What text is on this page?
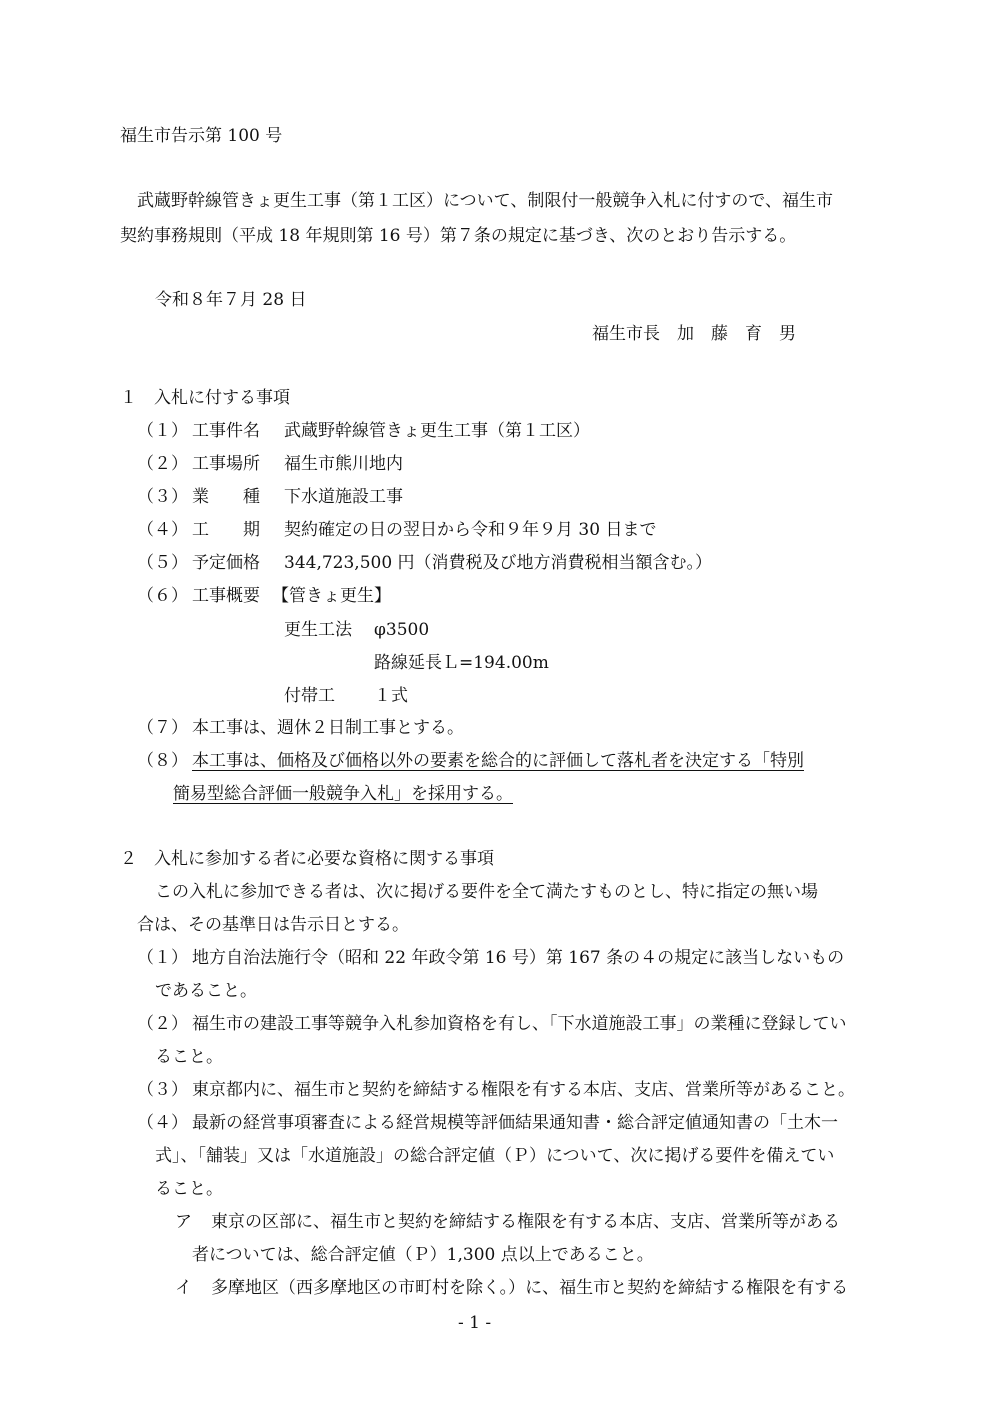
福生市告示第 100 号
武蔵野幹線管きょ更生工事（第１工区）について、制限付一般競争入札に付すので、福生市
契約事務規則（平成 18 年規則第 16 号）第７条の規定に基づき、次のとおり告示する。
令和８年７月 28 日
福生市長　加　藤　育　男
１　入札に付する事項
（１） 工事件名 武蔵野幹線管きょ更生工事（第１工区）
（２） 工事場所 福生市熊川地内
（３） 業　　種 下水道施設工事
（４） 工　　期 契約確定の日の翌日から令和９年９月 30 日まで
（５） 予定価格 344,723,500 円（消費税及び地方消費税相当額含む。）
（６） 工事概要 【管きょ更生】
更生工法 φ3500
路線延長Ｌ=194.00m
付帯工 １式
（７） 本工事は、週休２日制工事とする。
（８） 本工事は、価格及び価格以外の要素を総合的に評価して落札者を決定する「特別
簡易型総合評価一般競争入札」を採用する。
２　入札に参加する者に必要な資格に関する事項
この入札に参加できる者は、次に掲げる要件を全て満たすものとし、特に指定の無い場
合は、その基準日は告示日とする。
（１） 地方自治法施行令（昭和 22 年政令第 16 号）第 167 条の４の規定に該当しないもの
であること。
（２） 福生市の建設工事等競争入札参加資格を有し、「下水道施設工事」の業種に登録してい
ること。
（３） 東京都内に、福生市と契約を締結する権限を有する本店、支店、営業所等があること。
（４） 最新の経営事項審査による経営規模等評価結果通知書・総合評定値通知書の「土木一
式」、「舗装」又は「水道施設」の総合評定値（Ｐ）について、次に掲げる要件を備えてい
ること。
ア 東京の区部に、福生市と契約を締結する権限を有する本店、支店、営業所等がある
者については、総合評定値（Ｐ）1,300 点以上であること。
イ 多摩地区（西多摩地区の市町村を除く。）に、福生市と契約を締結する権限を有する
- 1 -
